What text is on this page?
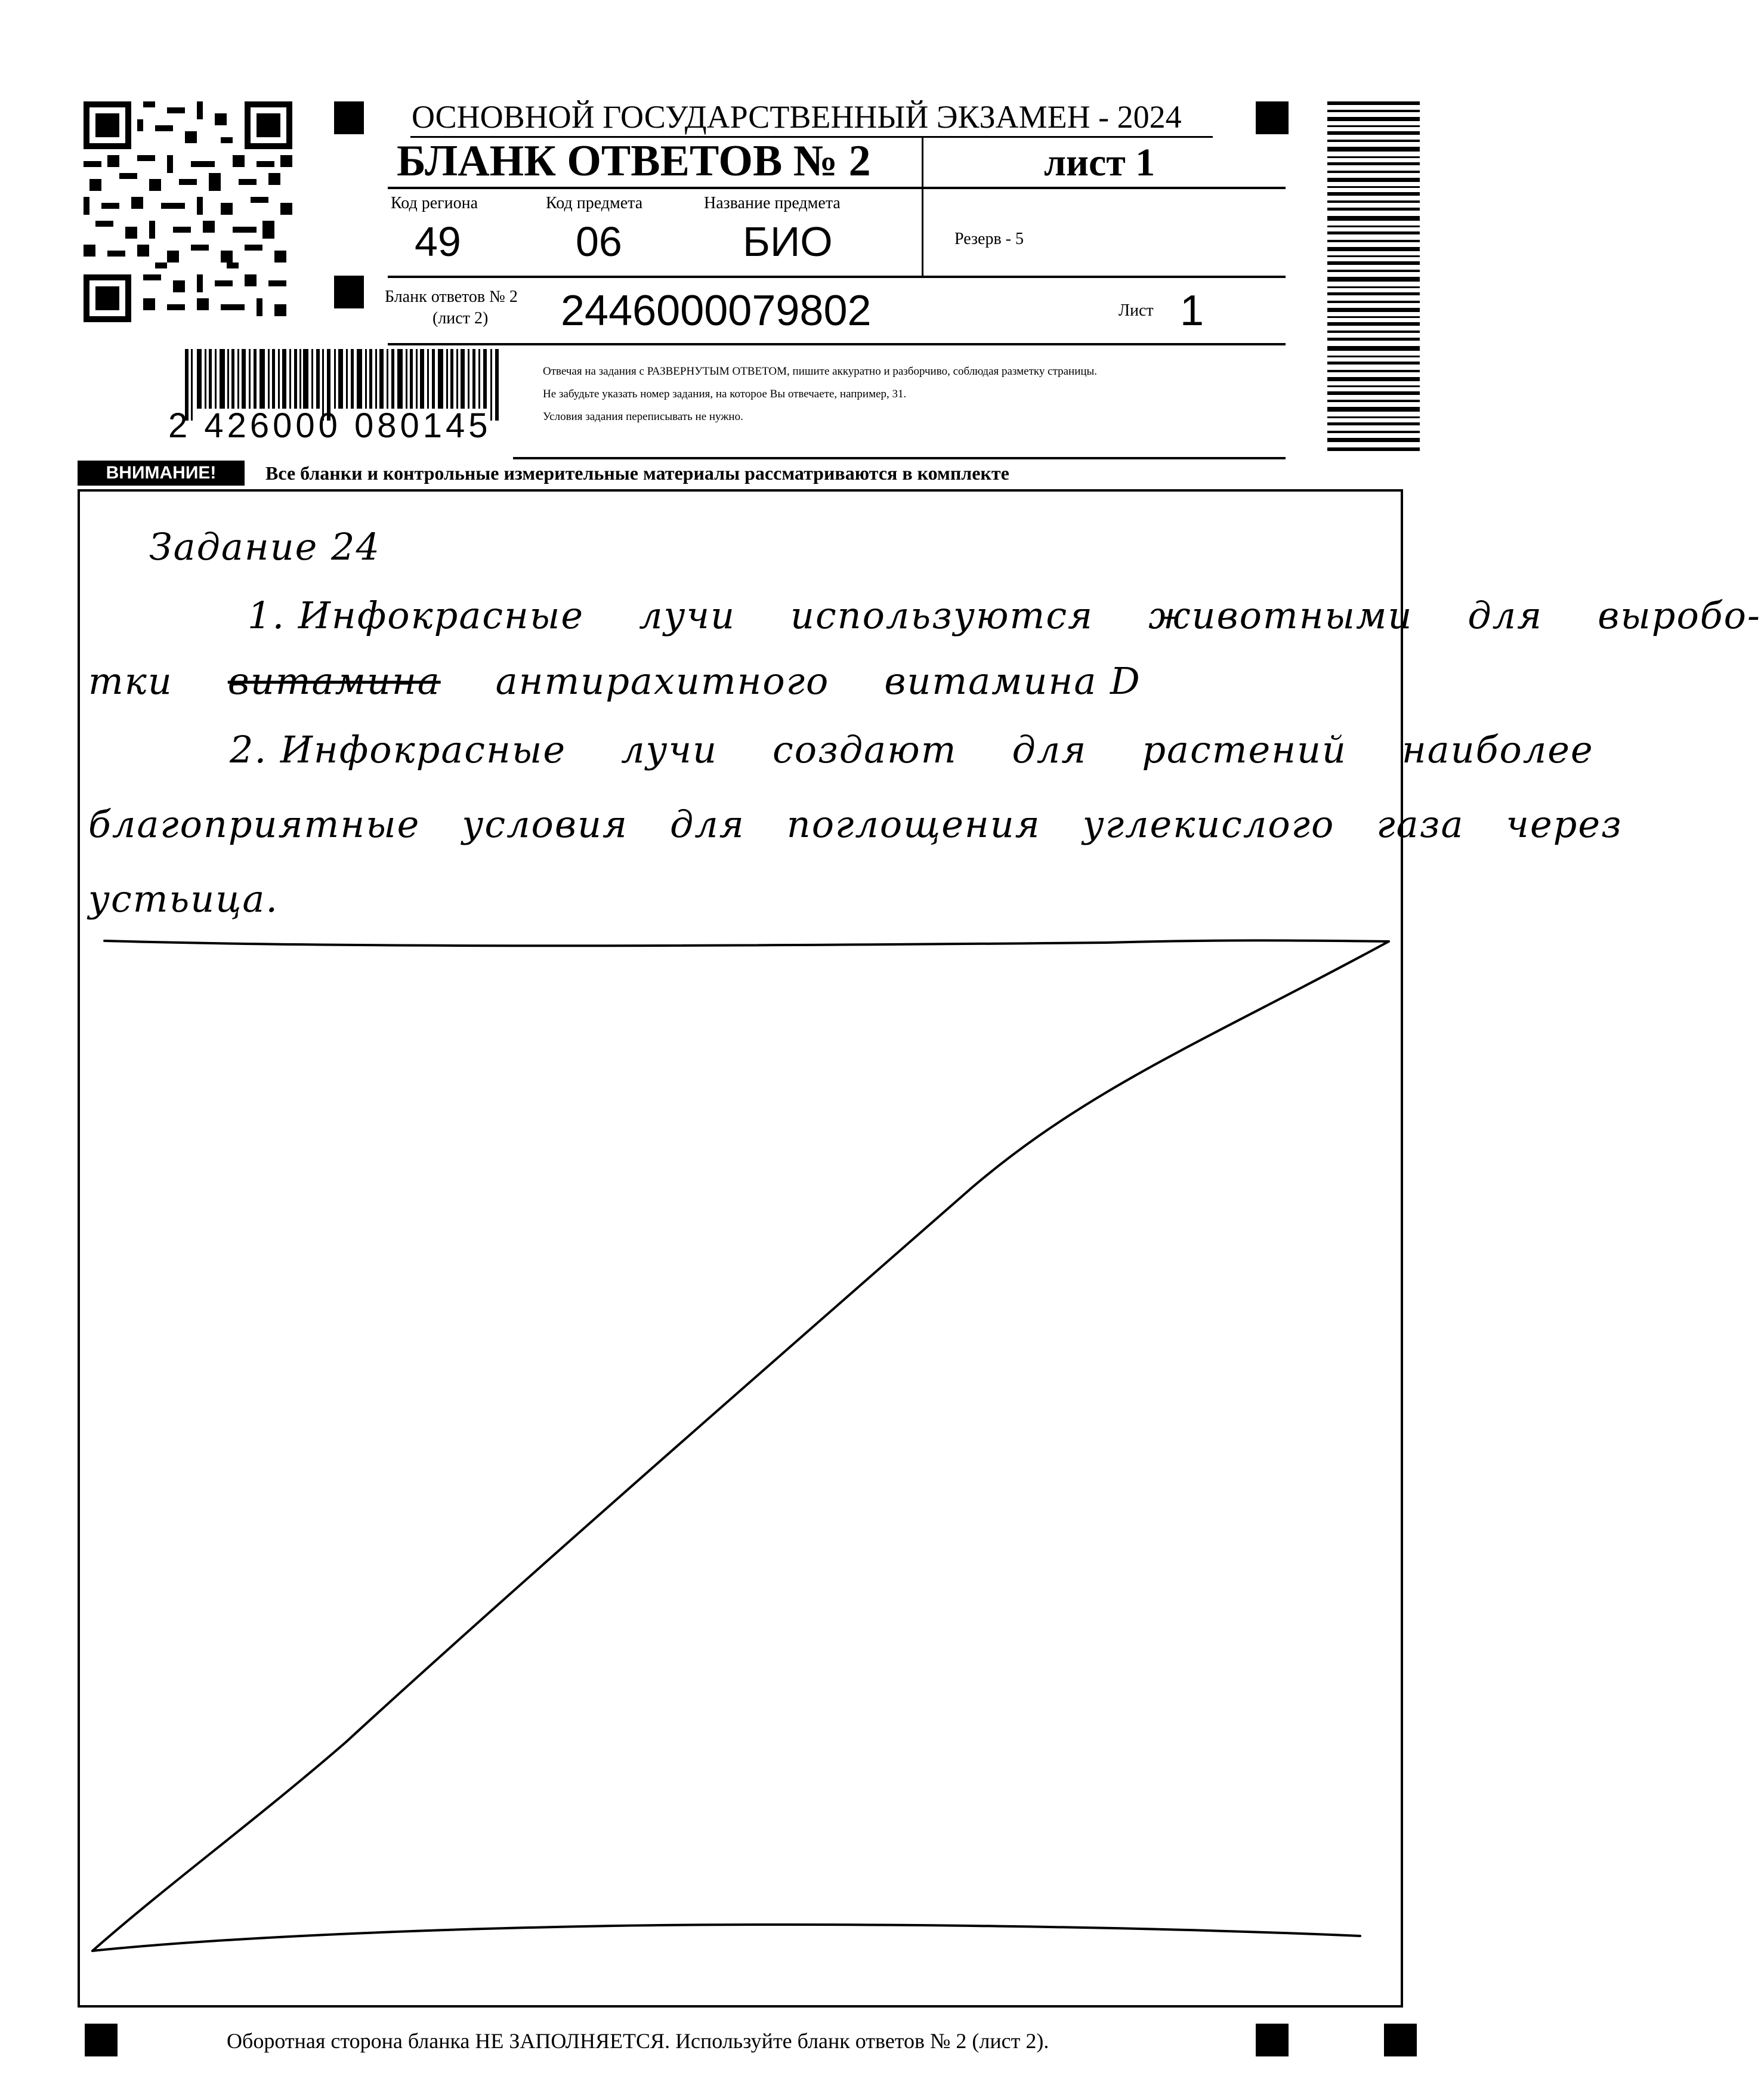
ОСНОВНОЙ ГОСУДАРСТВЕННЫЙ ЭКЗАМЕН - 2024
БЛАНК ОТВЕТОВ № 2	лист 1
Код региона
49
Код предмета
06
Название предмета
БИО	Резерв - 5
Бланк ответов № 2
(лист 2) 2446000079802	Лист 1
2 426000 080145
Отвечая на задания с РАЗВЕРНУТЫМ ОТВЕТОМ, пишите аккуратно и разборчиво, соблюдая разметку страницы.
Не забудьте указать номер задания, на которое Вы отвечаете, например, 31.
Условия задания переписывать не нужно.
ВНИМАНИЕ!	Все бланки и контрольные измерительные материалы рассматриваются в комплекте
Задание 24
1. Инфокрасные лучи используются животными для выробо-
тки витамина антирахитного витамина D
2. Инфокрасные лучи создают для растений наиболее
благоприятные условия для поглощения углекислого газа через
устьица.
Оборотная сторона бланка НЕ ЗАПОЛНЯЕТСЯ. Используйте бланк ответов № 2 (лист 2).
